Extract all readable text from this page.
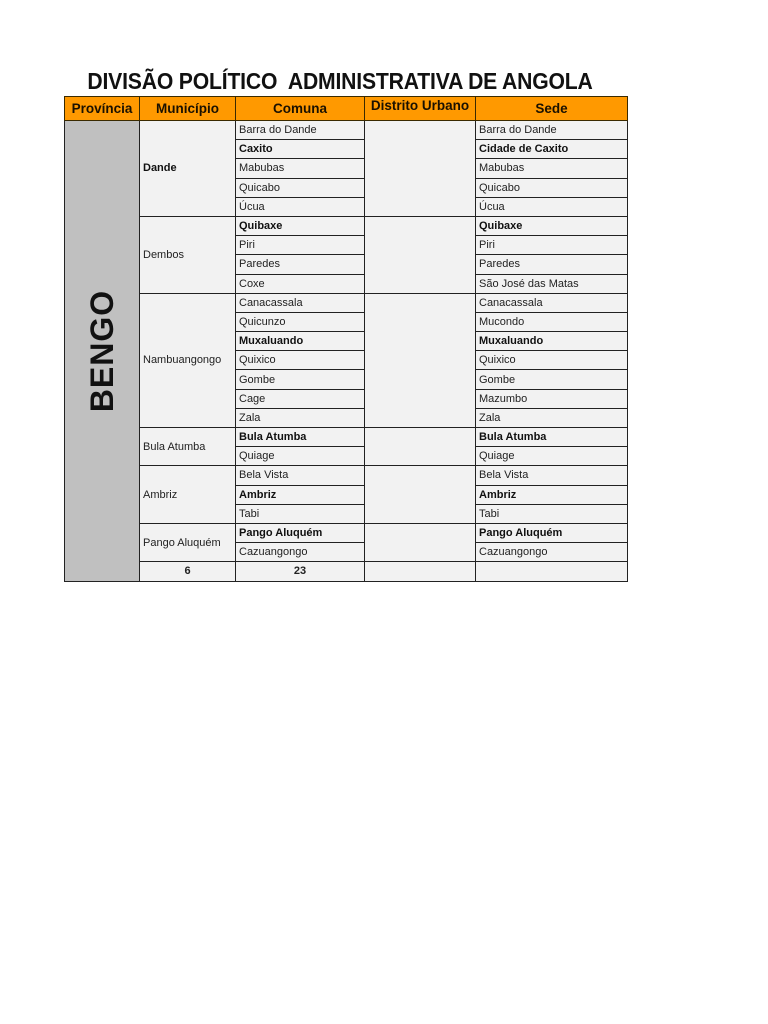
DIVISÃO POLÍTICO  ADMINISTRATIVA DE ANGOLA
Província	Município	Comuna	Distrito Urbano	Sede

BENGO	Dande	Barra do Dande		Barra do Dande
		Caxito		Cidade de Caxito
		Mabubas		Mabubas
		Quicabo		Quicabo
		Úcua		Úcua
	Dembos	Quibaxe		Quibaxe
		Piri		Piri
		Paredes		Paredes
		Coxe		São José das Matas
	Nambuangongo	Canacassala		Canacassala
		Quicunzo		Mucondo
		Muxaluando		Muxaluando
		Quixico		Quixico
		Gombe		Gombe
		Cage		Mazumbo
		Zala		Zala
	Bula Atumba	Bula Atumba		Bula Atumba
		Quiage		Quiage
	Ambriz	Bela Vista		Bela Vista
		Ambriz		Ambriz
		Tabi		Tabi
	Pango Aluquém	Pango Aluquém		Pango Aluquém
		Cazuangongo		Cazuangongo
	6	23		
